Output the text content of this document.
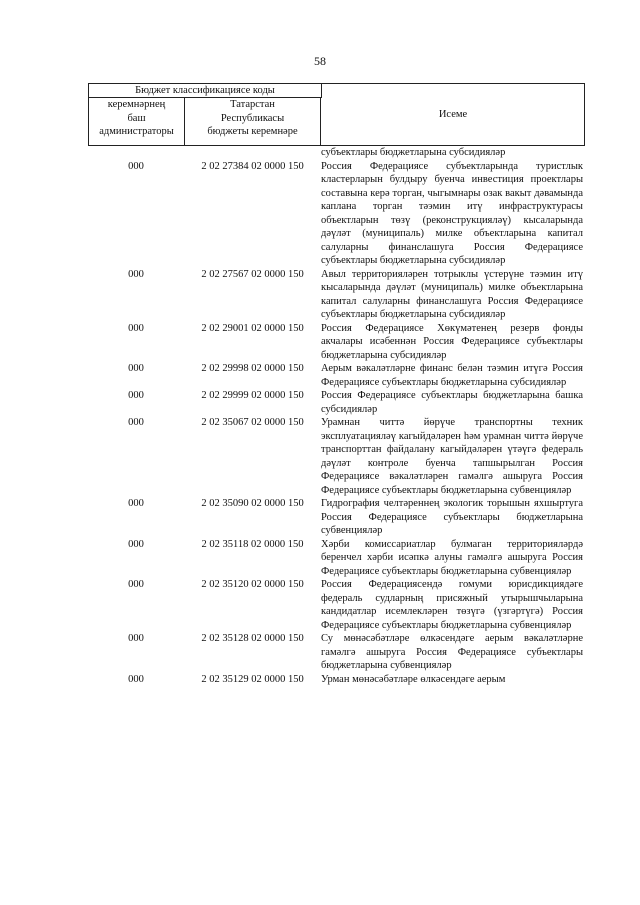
58
Бюджет классификациясе коды
керемнәрнең
баш
администраторы
Татарстан
Республикасы
бюджеты керемнәре
Исеме
субъектлары бюджетларына субсидияләр
000	2 02 27384 02 0000 150	Россия Федерациясе субъектларында туристлык кластерларын булдыру буенча инвестиция проектлары составына керә торган, чыгымнары озак вакыт дәвамында каплана торган тәэмин итү инфраструктурасы объектларын төзү (реконструкцияләү) кысаларында дәүләт (муниципаль) милке объектларына капитал салуларны финанслашуга Россия Федерациясе субъектлары бюджетларына субсидияләр
000	2 02 27567 02 0000 150	Авыл территорияләрен тотрыклы үстерүне тәэмин итү кысаларында дәүләт (муниципаль) милке объектларына капитал салуларны финанслашуга Россия Федерациясе субъектлары бюджетларына субсидияләр
000	2 02 29001 02 0000 150	Россия Федерациясе Хөкүмәтенең резерв фонды акчалары исәбеннән Россия Федерациясе субъектлары бюджетларына субсидияләр
000	2 02 29998 02 0000 150	Аерым вәкаләтләрне финанс белән тәэмин итүгә Россия Федерациясе субъектлары бюджетларына субсидияләр
000	2 02 29999 02 0000 150	Россия Федерациясе субъектлары бюджетларына башка субсидияләр
000	2 02 35067 02 0000 150	Урамнан читтә йөрүче транспортны техник эксплуатацияләү кагыйдәләрен һәм урамнан читтә йөрүче транспорттан файдалану кагыйдәләрен үтәүгә федераль дәүләт контроле буенча тапшырылган Россия Федерациясе вәкаләтләрен гамәлгә ашыруга Россия Федерациясе субъектлары бюджетларына субвенцияләр
000	2 02 35090 02 0000 150	Гидрография челтәреннең экологик торышын яхшыртуга Россия Федерациясе субъектлары бюджетларына субвенцияләр
000	2 02 35118 02 0000 150	Хәрби комиссариатлар булмаган территорияләрдә беренчел хәрби исәпкә алуны гамәлгә ашыруга Россия Федерациясе субъектлары бюджетларына субвенцияләр
000	2 02 35120 02 0000 150	Россия Федерациясендә гомуми юрисдикциядәге федераль судларның присяжный утырышчыларына кандидатлар исемлекләрен төзүгә (үзгәртүгә) Россия Федерациясе субъектлары бюджетларына субвенцияләр
000	2 02 35128 02 0000 150	Су мөнәсәбәтләре өлкәсендәге аерым вәкаләтләрне гамәлгә ашыруга Россия Федерациясе субъектлары бюджетларына субвенцияләр
000	2 02 35129 02 0000 150	Урман мөнәсәбәтләре өлкәсендәге аерым
